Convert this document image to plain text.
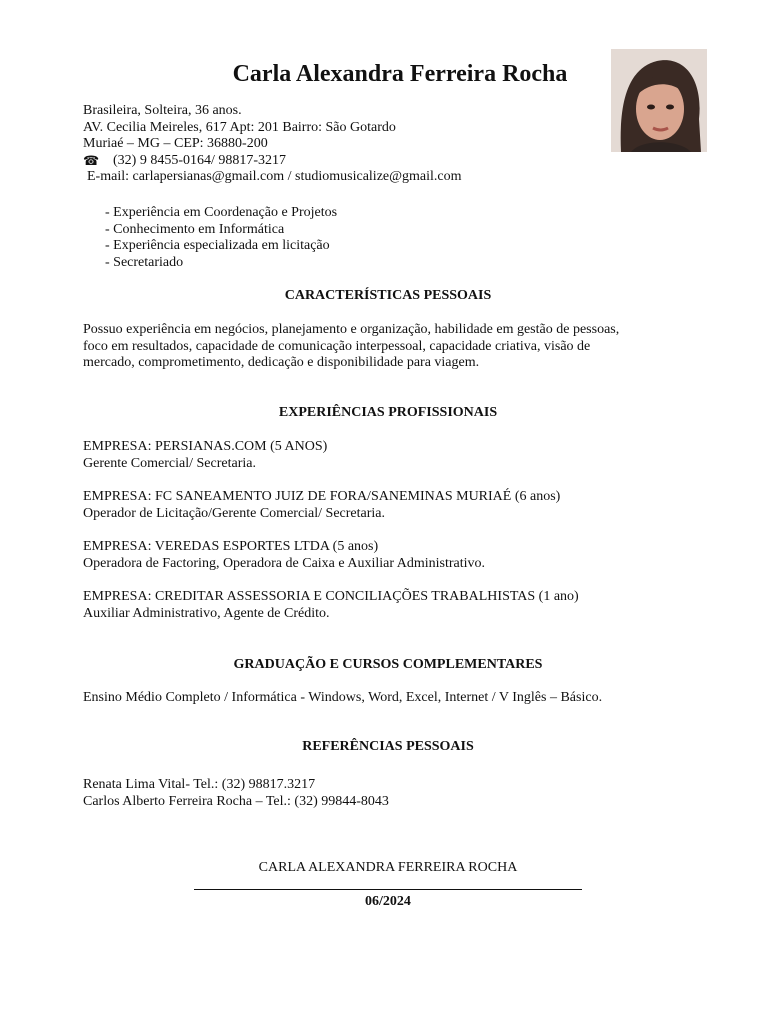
Carla Alexandra Ferreira Rocha
Brasileira, Solteira, 36 anos.
AV. Cecilia Meireles, 617 Apt: 201 Bairro: São Gotardo
Muriaé – MG – CEP: 36880-200
☎ (32) 9 8455-0164/ 98817-3217
E-mail: carlapersianas@gmail.com / studiomusicalize@gmail.com
- Experiência em Coordenação e Projetos
- Conhecimento em Informática
- Experiência especializada em licitação
- Secretariado
CARACTERÍSTICAS PESSOAIS
Possuo experiência em negócios, planejamento e organização, habilidade em gestão de pessoas,
foco em resultados, capacidade de comunicação interpessoal, capacidade criativa, visão de
mercado, comprometimento, dedicação e disponibilidade para viagem.
EXPERIÊNCIAS PROFISSIONAIS
EMPRESA: PERSIANAS.COM (5 ANOS)
Gerente Comercial/ Secretaria.
EMPRESA: FC SANEAMENTO JUIZ DE FORA/SANEMINAS MURIAÉ (6 anos)
Operador de Licitação/Gerente Comercial/ Secretaria.
EMPRESA: VEREDAS ESPORTES LTDA (5 anos)
Operadora de Factoring, Operadora de Caixa e Auxiliar Administrativo.
EMPRESA: CREDITAR ASSESSORIA E CONCILIAÇÕES TRABALHISTAS (1 ano)
Auxiliar Administrativo, Agente de Crédito.
GRADUAÇÃO E CURSOS COMPLEMENTARES
Ensino Médio Completo / Informática - Windows, Word, Excel, Internet / V Inglês – Básico.
REFERÊNCIAS PESSOAIS
Renata Lima Vital- Tel.: (32) 98817.3217
Carlos Alberto Ferreira Rocha – Tel.: (32) 99844-8043
CARLA ALEXANDRA FERREIRA ROCHA
06/2024
